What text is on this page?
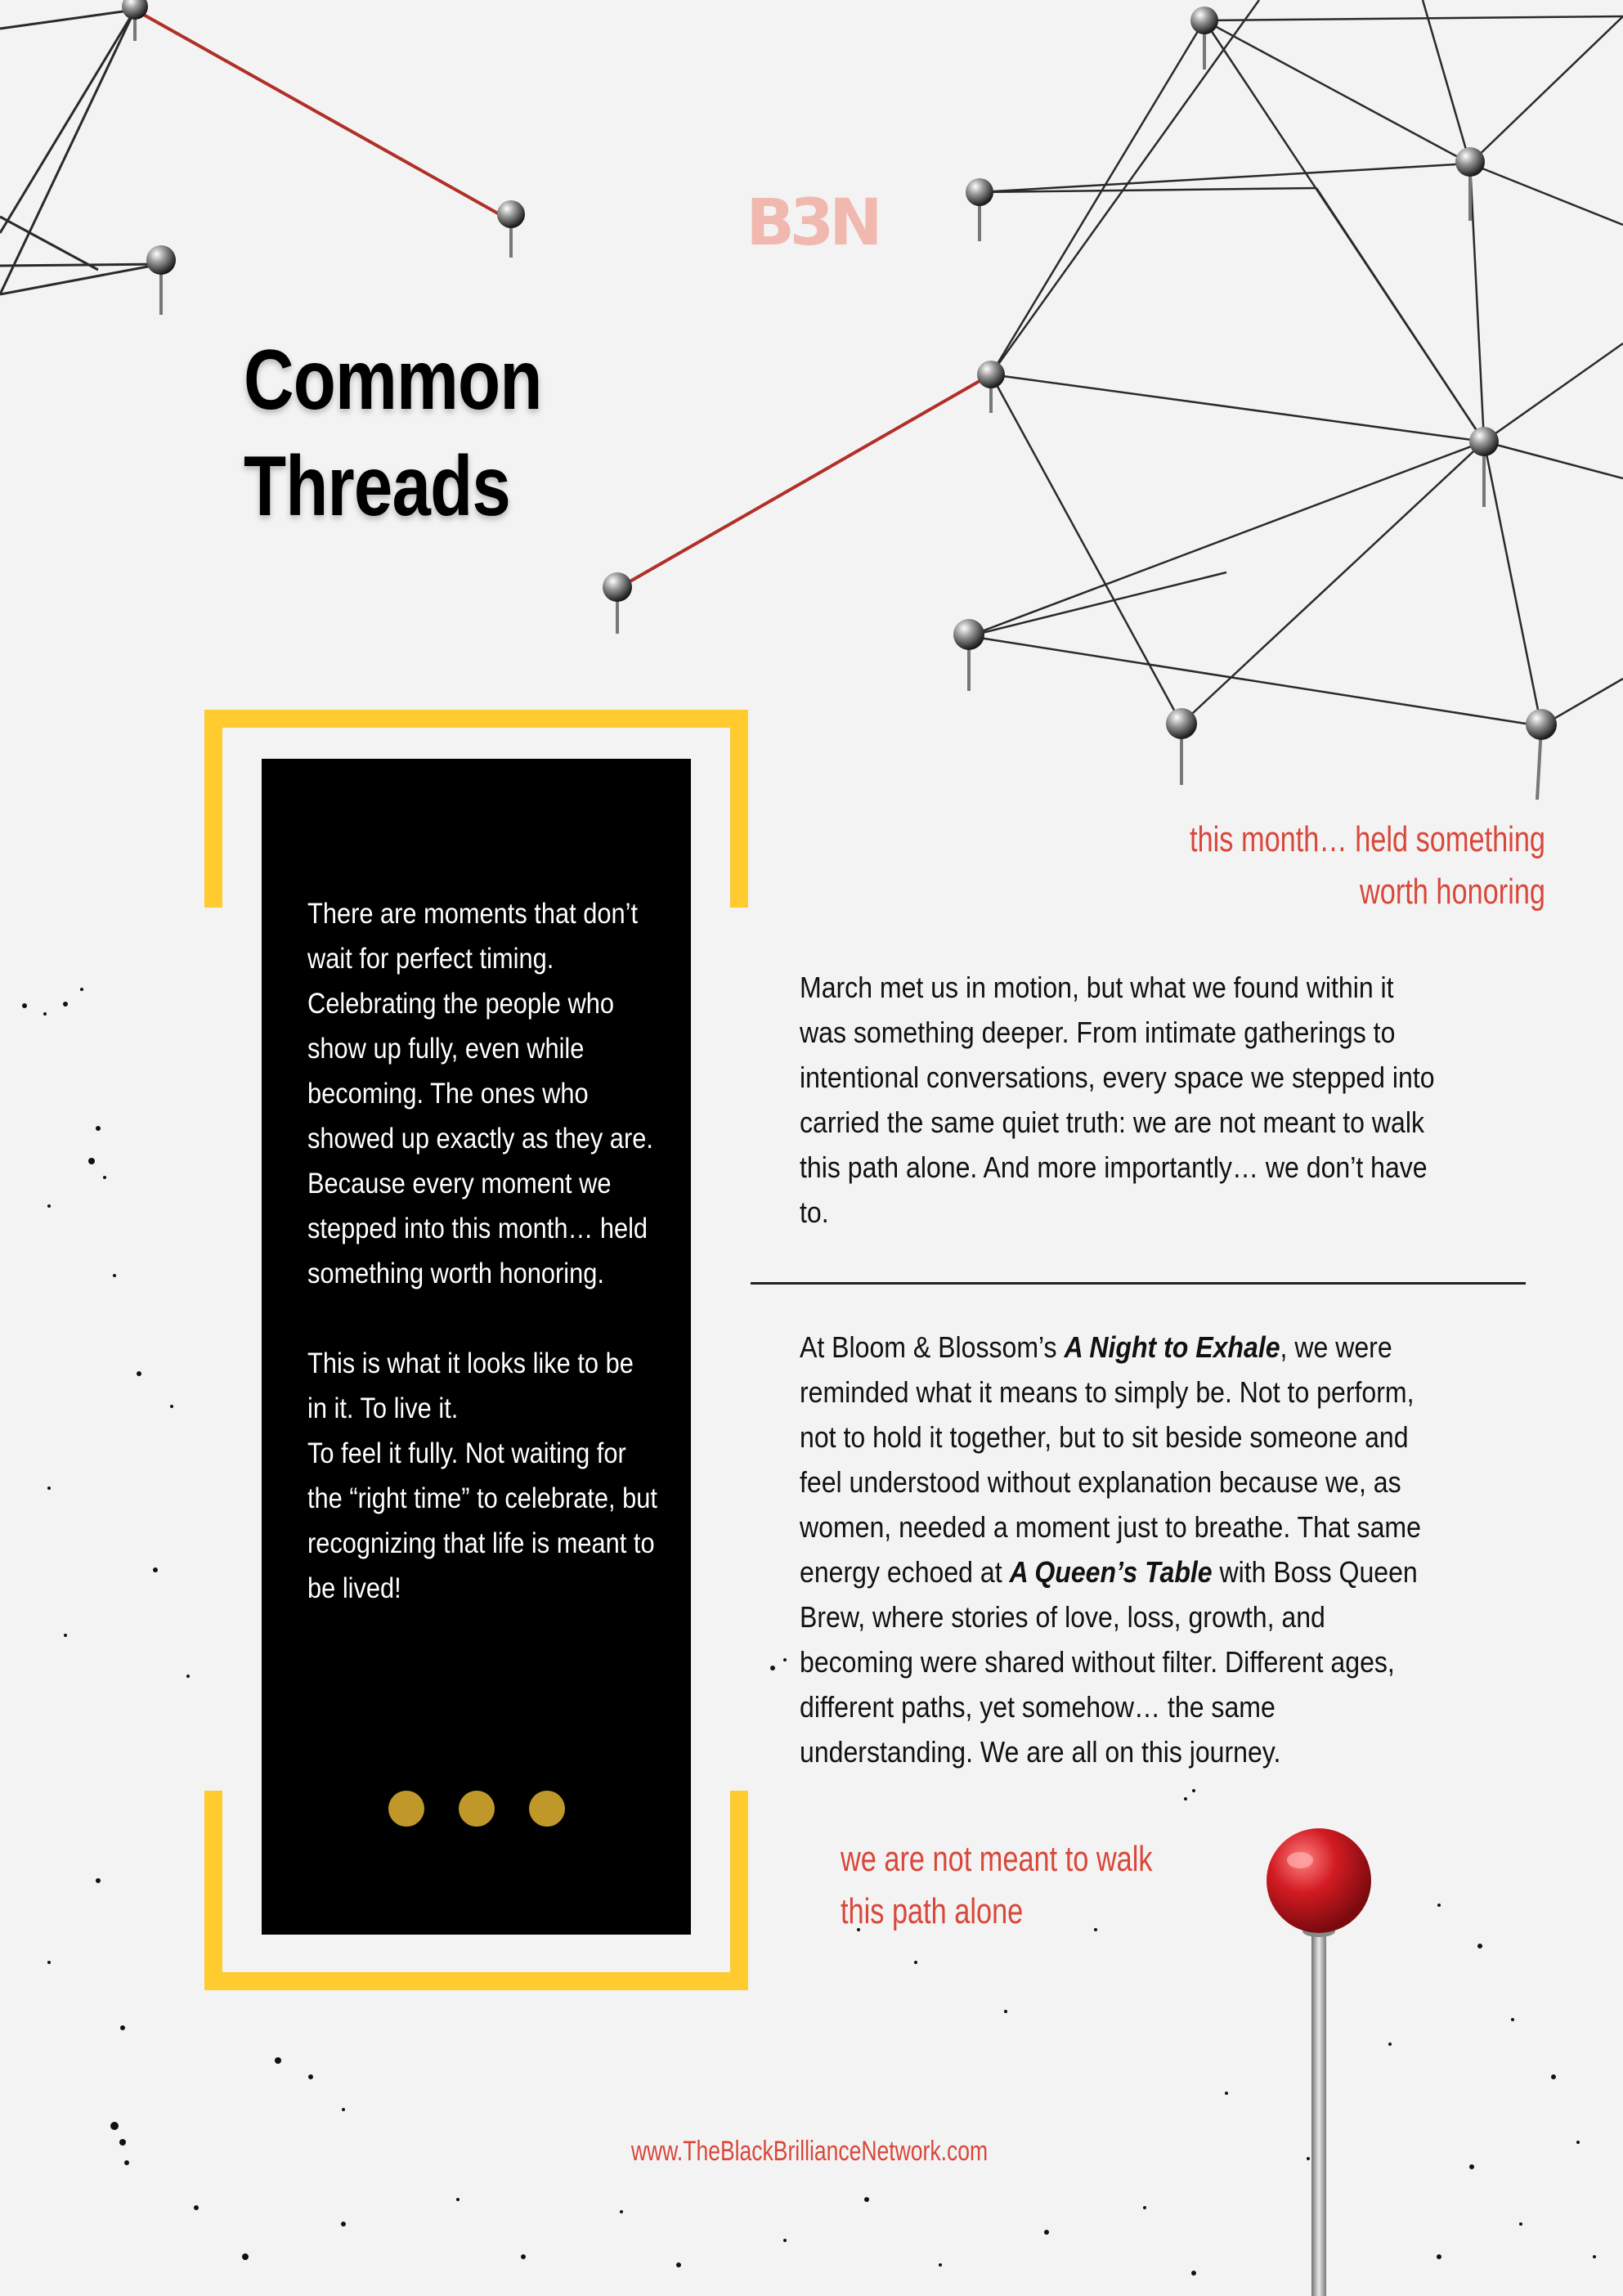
B3N
Common Threads

There are moments that don’t wait for perfect timing. Celebrating the people who show up fully, even while becoming. The ones who showed up exactly as they are. Because every moment we stepped into this month… held something worth honoring.

This is what it looks like to be in it. To live it.

To feel it fully. Not waiting for the “right time” to celebrate, but recognizing that life is meant to be lived!

this month… held something
worth honoring
March met us in motion, but what we found within it was something deeper. From intimate gatherings to intentional conversations, every space we stepped into carried the same quiet truth: we are not meant to walk this path alone. And more importantly… we don’t have to.
At Bloom & Blossom’s A Night to Exhale, we were reminded what it means to simply be. Not to perform, not to hold it together, but to sit beside someone and feel understood without explanation because we, as women, needed a moment just to breathe. That same energy echoed at A Queen’s Table with Boss Queen Brew, where stories of love, loss, growth, and becoming were shared without filter. Different ages, different paths, yet somehow… the same understanding. We are all on this journey.
we are not meant to walk
this path alone
www.TheBlackBrillianceNetwork.com
